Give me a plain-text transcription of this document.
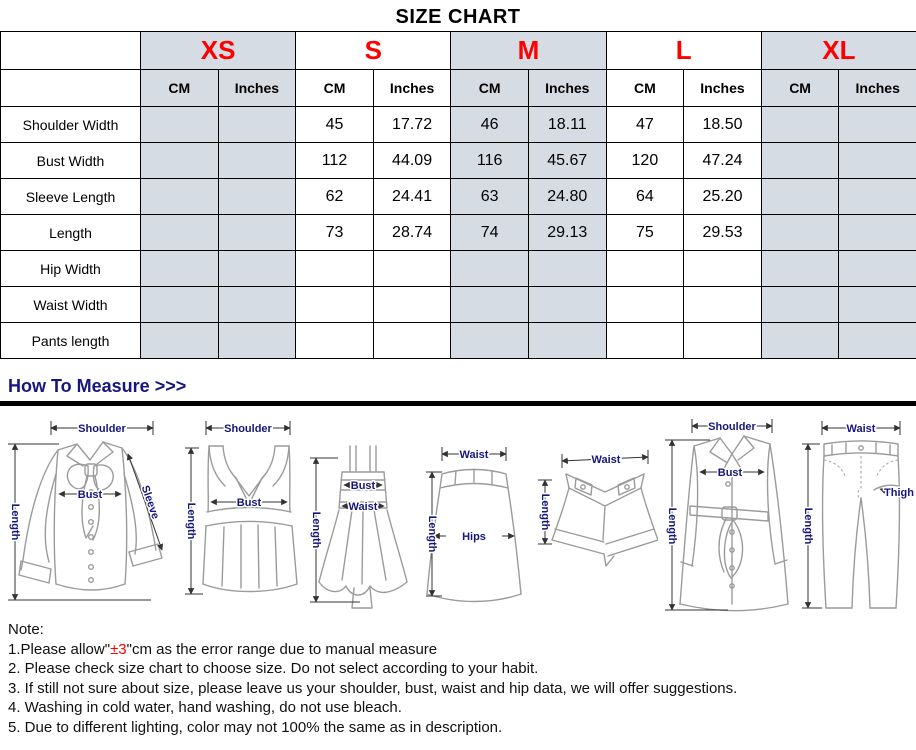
SIZE CHART
	XS		S		M		L		XL	
	CM	Inches	CM	Inches	CM	Inches	CM	Inches	CM	Inches
Shoulder Width			45	17.72	46	18.11	47	18.50		
Bust Width			112	44.09	116	45.67	120	47.24		
Sleeve Length			62	24.41	63	24.80	64	25.20		
Length			73	28.74	74	29.13	75	29.53		
Hip Width										
Waist Width										
Pants length										
How To Measure >>>
Shoulder
Length
Bust	Sleeve
Shoulder
Length	Bust
Length
Bust
Waist
Waist
Length Hips
Waist
Length
Shoulder
Length
Bust
Waist
Length
Thigh
Note:
1.Please allow"±3"cm as the error range due to manual measure
2. Please check size chart to choose size. Do not select according to your habit.
3. If still not sure about size, please leave us your shoulder, bust, waist and hip data, we will offer suggestions.
4. Washing in cold water, hand washing, do not use bleach.
5. Due to different lighting, color may not 100% the same as in description.
